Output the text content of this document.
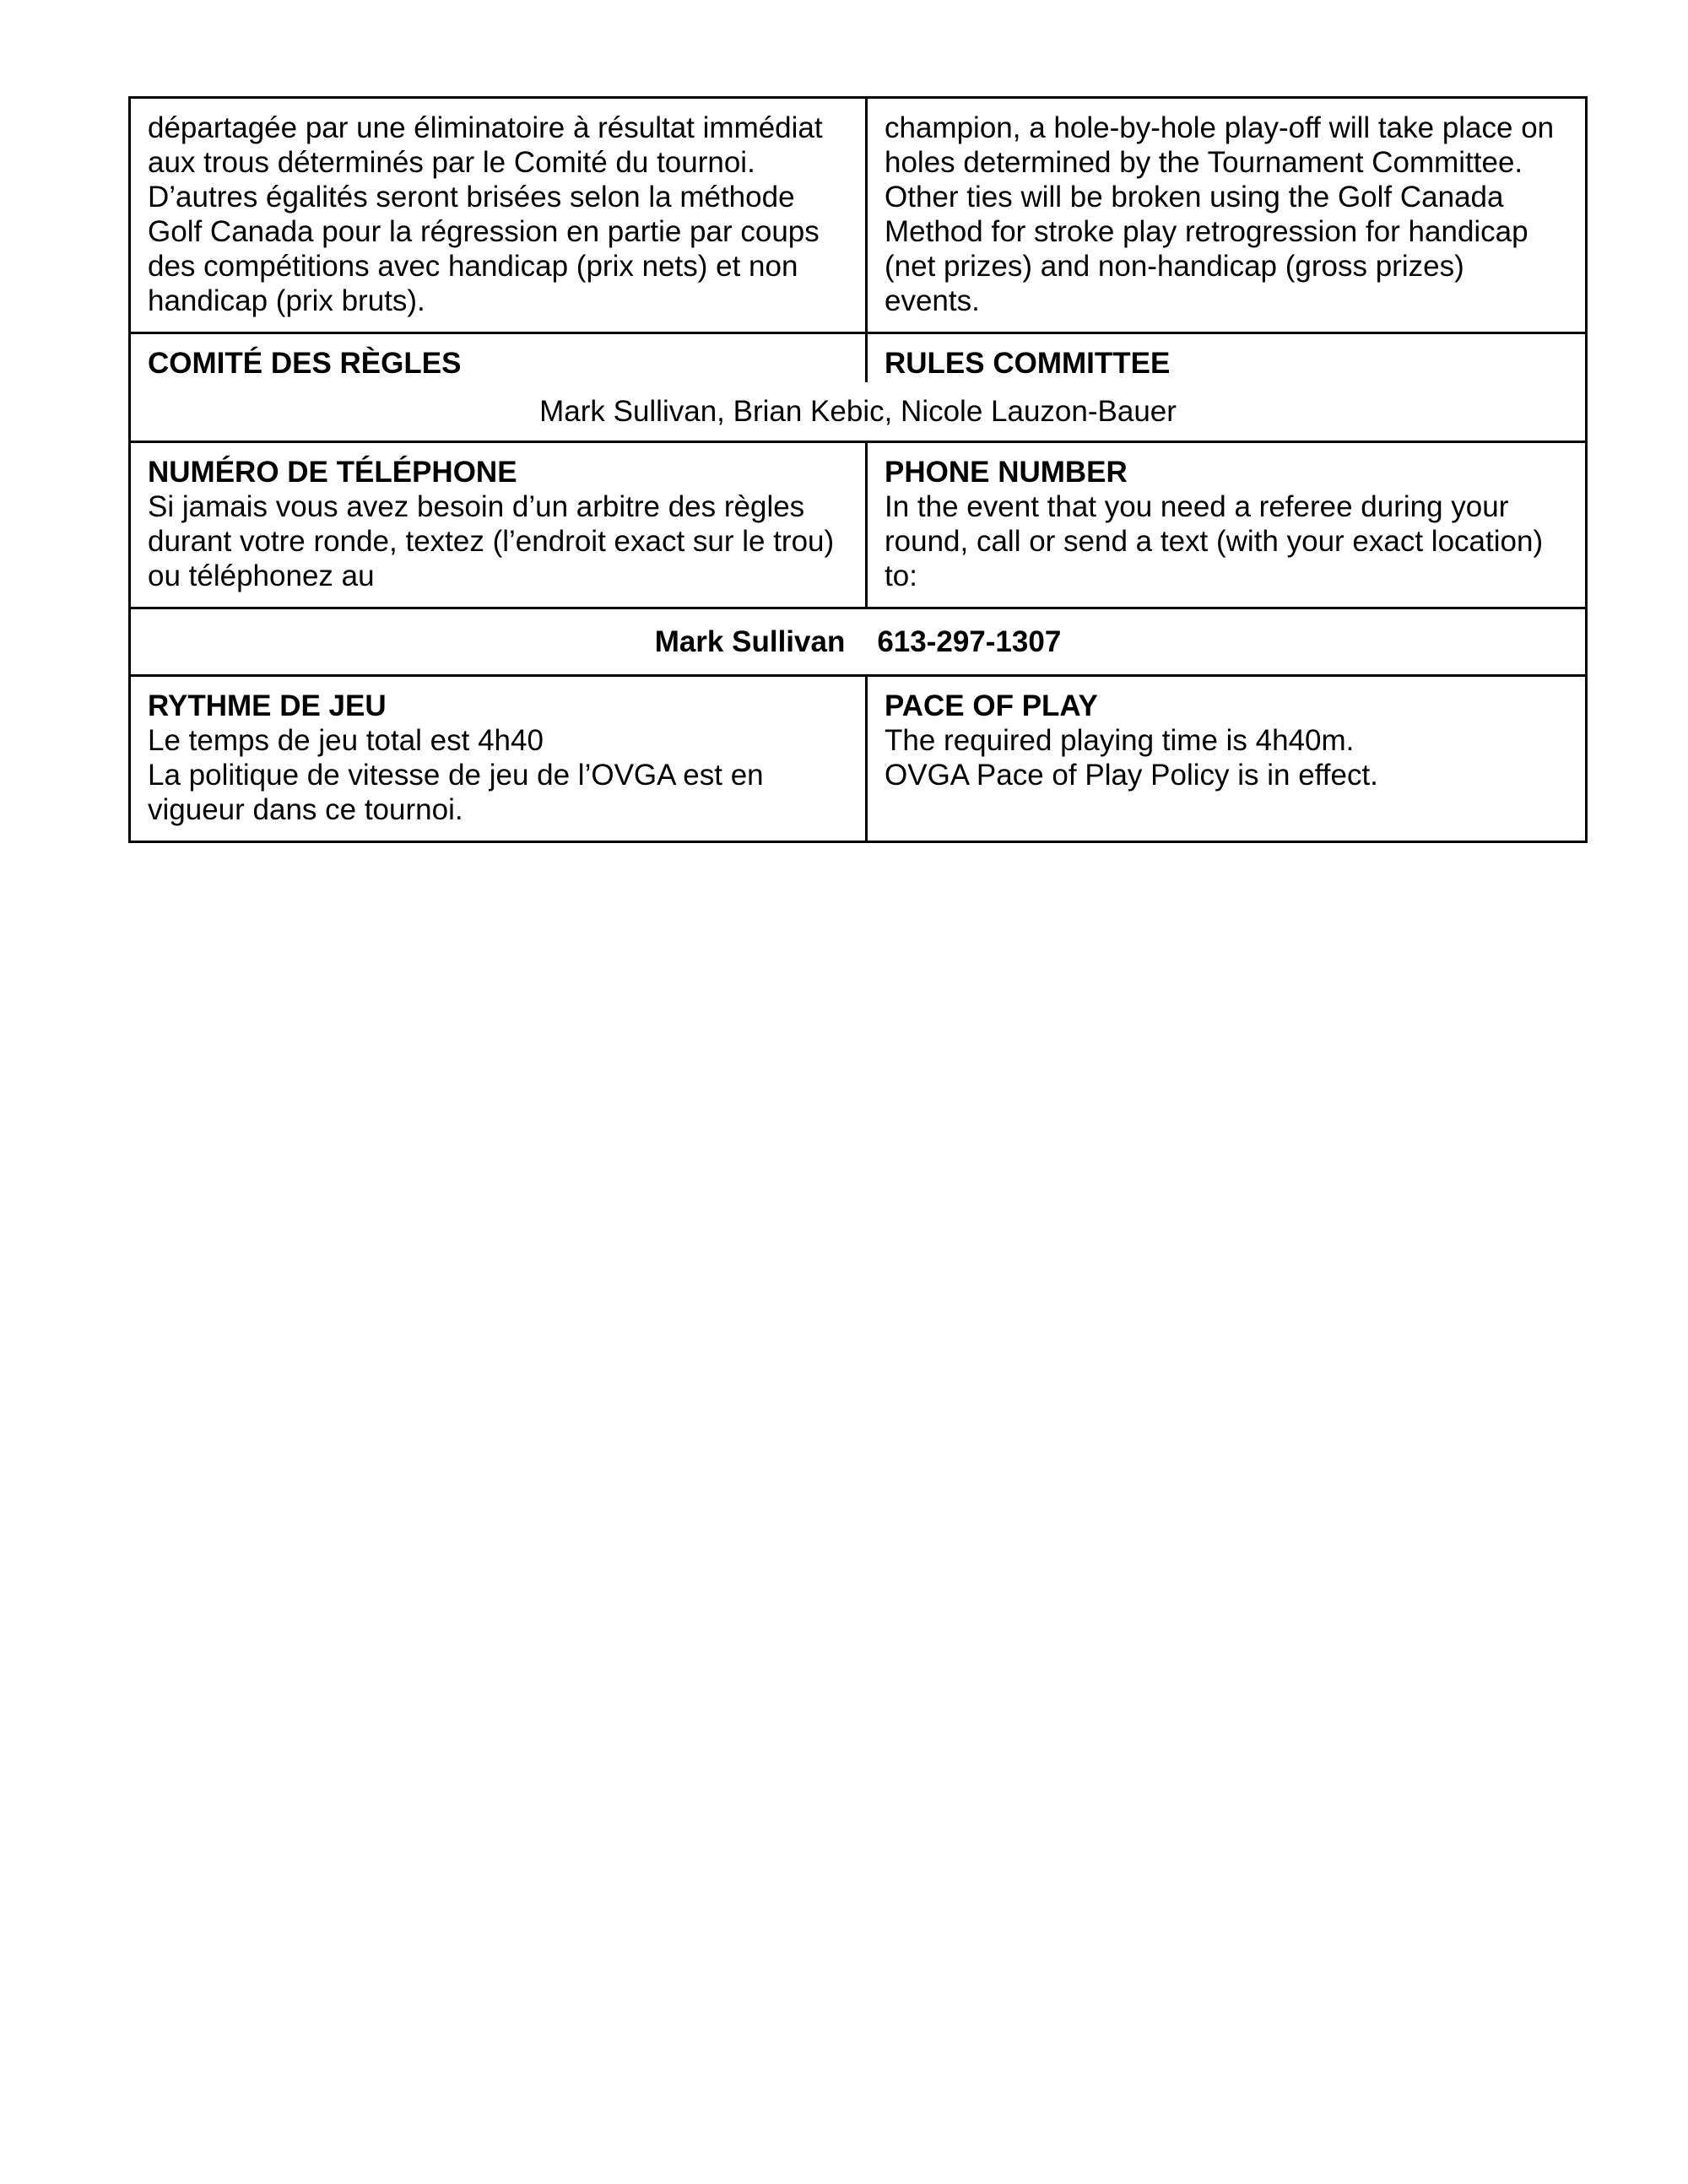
départagée par une éliminatoire à résultat immédiat
aux trous déterminés par le Comité du tournoi.
D’autres égalités seront brisées selon la méthode
Golf Canada pour la régression en partie par coups
des compétitions avec handicap (prix nets) et non
handicap (prix bruts).
champion, a hole-by-hole play-off will take place on
holes determined by the Tournament Committee.
Other ties will be broken using the Golf Canada
Method for stroke play retrogression for handicap
(net prizes) and non-handicap (gross prizes)
events.
COMITÉ DES RÈGLES	RULES COMMITTEE
Mark Sullivan, Brian Kebic, Nicole Lauzon-Bauer
NUMÉRO DE TÉLÉPHONE
Si jamais vous avez besoin d’un arbitre des règles
durant votre ronde, textez (l’endroit exact sur le trou)
ou téléphonez au
PHONE NUMBER
In the event that you need a referee during your
round, call or send a text (with your exact location)
to:
Mark Sullivan 613-297-1307
RYTHME DE JEU
Le temps de jeu total est 4h40
La politique de vitesse de jeu de l’OVGA est en
vigueur dans ce tournoi.
PACE OF PLAY
The required playing time is 4h40m.
OVGA Pace of Play Policy is in effect.
